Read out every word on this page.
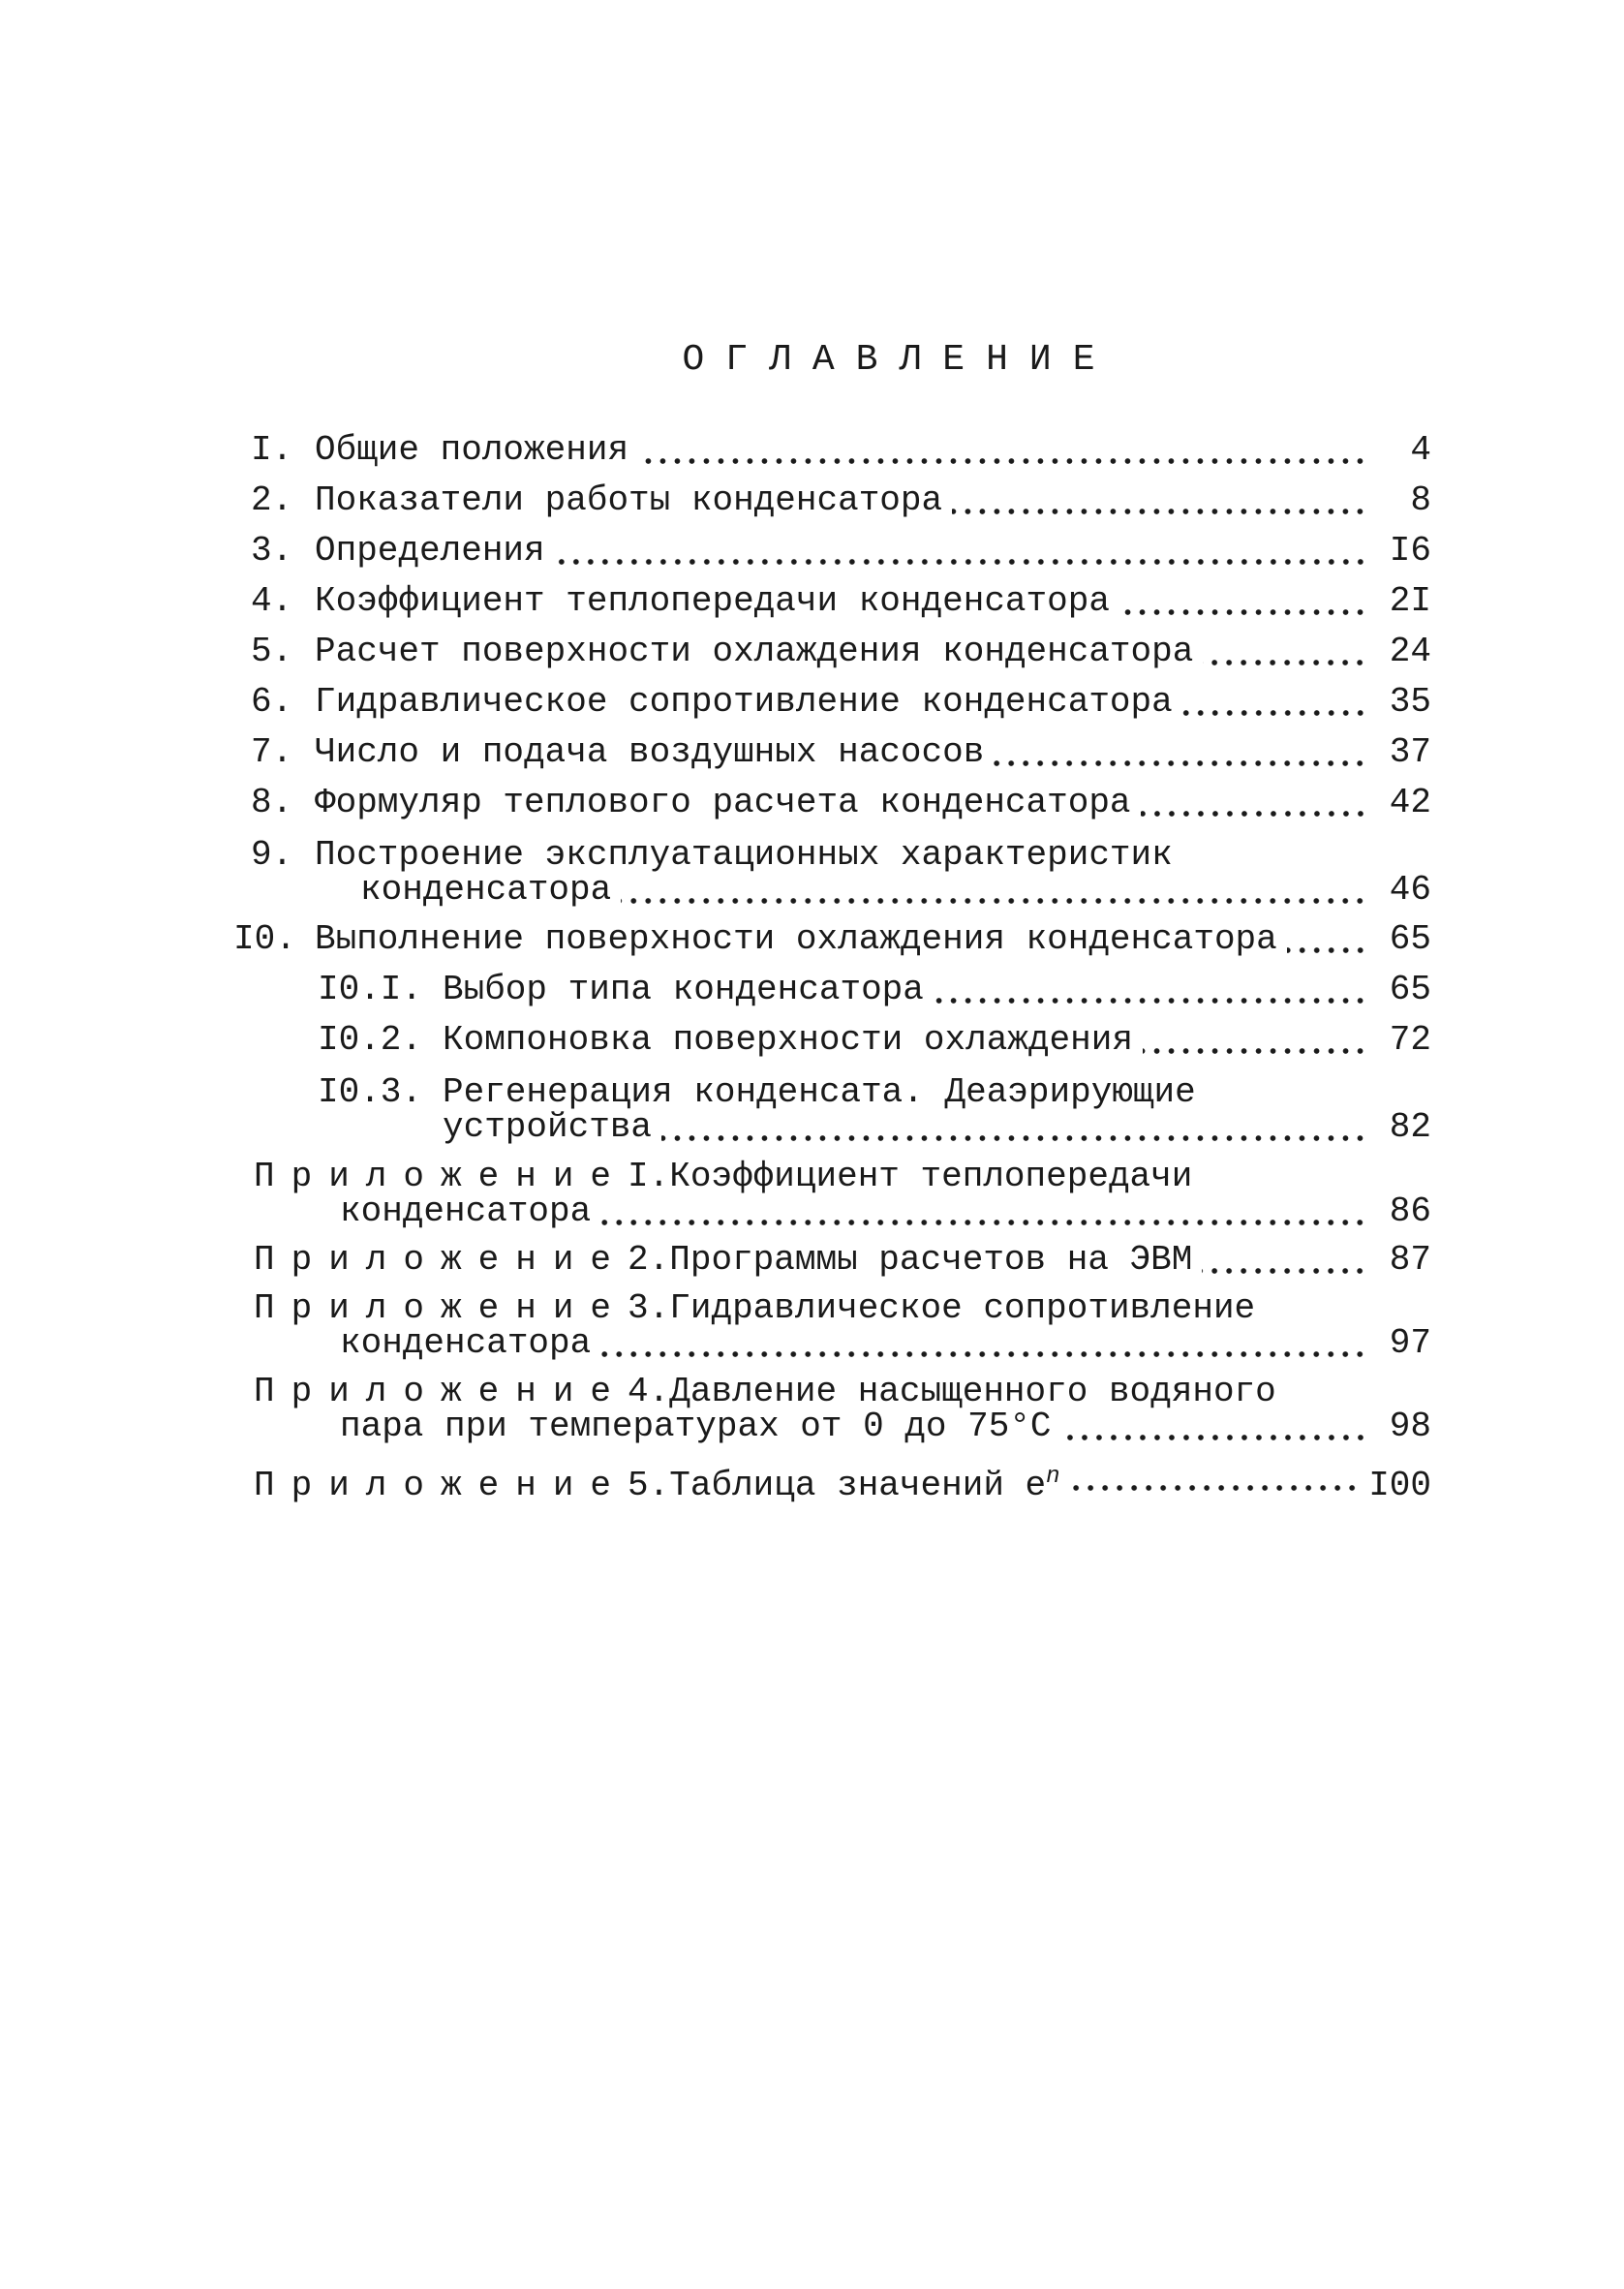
ОГЛАВЛЕНИЕ
I. Общие положения	4
2. Показатели работы конденсатора	8
3. Определения	I6
4. Коэффициент теплопередачи конденсатора	2I
5. Расчет поверхности охлаждения конденсатора	24
6. Гидравлическое сопротивление конденсатора	35
7. Число и подача воздушных насосов	37
8. Формуляр теплового расчета конденсатора	42
9. Построение эксплуатационных характеристик
конденсатора	46
I0. Выполнение поверхности охлаждения конденсатора	65
I0.I. Выбор типа конденсатора	65
I0.2. Компоновка поверхности охлаждения	72
I0.3. Регенерация конденсата. Деаэрирующие
устройства	82
Приложение I. Коэффициент теплопередачи
конденсатора	86
Приложение 2. Программы расчетов на ЭВМ	87
Приложение 3. Гидравлическое сопротивление
конденсатора	97
Приложение 4. Давление насыщенного водяного
пара при температурах от 0 до 75°С	98
Приложение 5. Таблица значений $e^n$	I00
